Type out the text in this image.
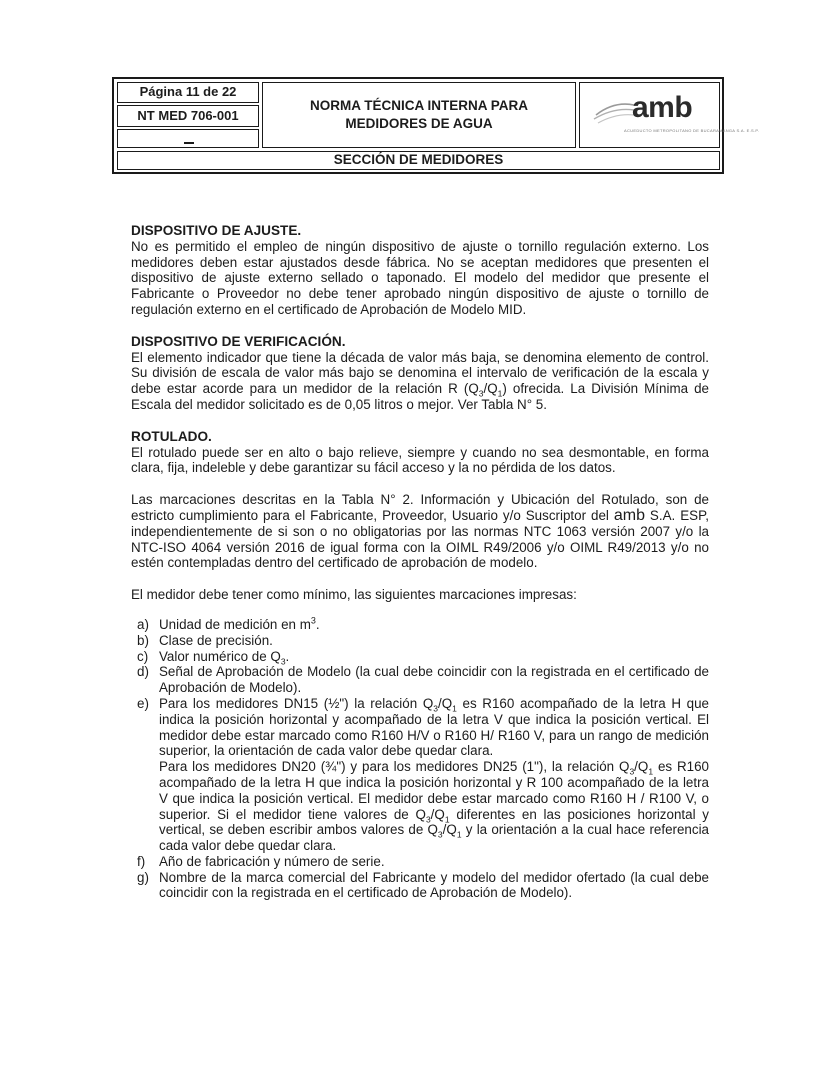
Página 11 de 22
NT MED 706-001
NORMA TÉCNICA INTERNA PARA
MEDIDORES DE AGUA	amb
ACUEDUCTO METROPOLITANO DE BUCARAMANGA S.A. E.S.P.
SECCIÓN DE MEDIDORES

DISPOSITIVO DE AJUSTE.

No es permitido el empleo de ningún dispositivo de ajuste o tornillo regulación externo. Los medidores deben estar ajustados desde fábrica. No se aceptan medidores que presenten el dispositivo de ajuste externo sellado o taponado. El modelo del medidor que presente el Fabricante o Proveedor no debe tener aprobado ningún dispositivo de ajuste o tornillo de regulación externo en el certificado de Aprobación de Modelo MID.

DISPOSITIVO DE VERIFICACIÓN.

El elemento indicador que tiene la década de valor más baja, se denomina elemento de control. Su división de escala de valor más bajo se denomina el intervalo de verificación de la escala y debe estar acorde para un medidor de la relación R $(Q_3/Q_1)$ ofrecida. La División Mínima de Escala del medidor solicitado es de 0,05 litros o mejor. Ver Tabla N° 5.

ROTULADO.

El rotulado puede ser en alto o bajo relieve, siempre y cuando no sea desmontable, en forma clara, fija, indeleble y debe garantizar su fácil acceso y la no pérdida de los datos.

Las marcaciones descritas en la Tabla N° 2. Información y Ubicación del Rotulado, son de estricto cumplimiento para el Fabricante, Proveedor, Usuario y/o Suscriptor del amb S.A. ESP, independientemente de si son o no obligatorias por las normas NTC 1063 versión 2007 y/o la NTC-ISO 4064 versión 2016 de igual forma con la OIML R49/2006 y/o OIML R49/2013 y/o no estén contempladas dentro del certificado de aprobación de modelo.

El medidor debe tener como mínimo, las siguientes marcaciones impresas:

a) Unidad de medición en $m^3$.
b) Clase de precisión.
c) Valor numérico de $Q_3$.
d) Señal de Aprobación de Modelo (la cual debe coincidir con la registrada en el certificado de Aprobación de Modelo).
e) Para los medidores DN15 (½") la relación $Q_3/Q_1$ es R160 acompañado de la letra H que indica la posición horizontal y acompañado de la letra V que indica la posición vertical. El medidor debe estar marcado como R160 H/V o R160 H/ R160 V, para un rango de medición superior, la orientación de cada valor debe quedar clara.
Para los medidores DN20 (¾") y para los medidores DN25 (1"), la relación $Q_3/Q_1$ es R160 acompañado de la letra H que indica la posición horizontal y R 100 acompañado de la letra V que indica la posición vertical. El medidor debe estar marcado como R160 H / R100 V, o superior. Si el medidor tiene valores de $Q_3/Q_1$ diferentes en las posiciones horizontal y vertical, se deben escribir ambos valores de $Q_3/Q_1$ y la orientación a la cual hace referencia cada valor debe quedar clara.
f) Año de fabricación y número de serie.
g) Nombre de la marca comercial del Fabricante y modelo del medidor ofertado (la cual debe coincidir con la registrada en el certificado de Aprobación de Modelo).
